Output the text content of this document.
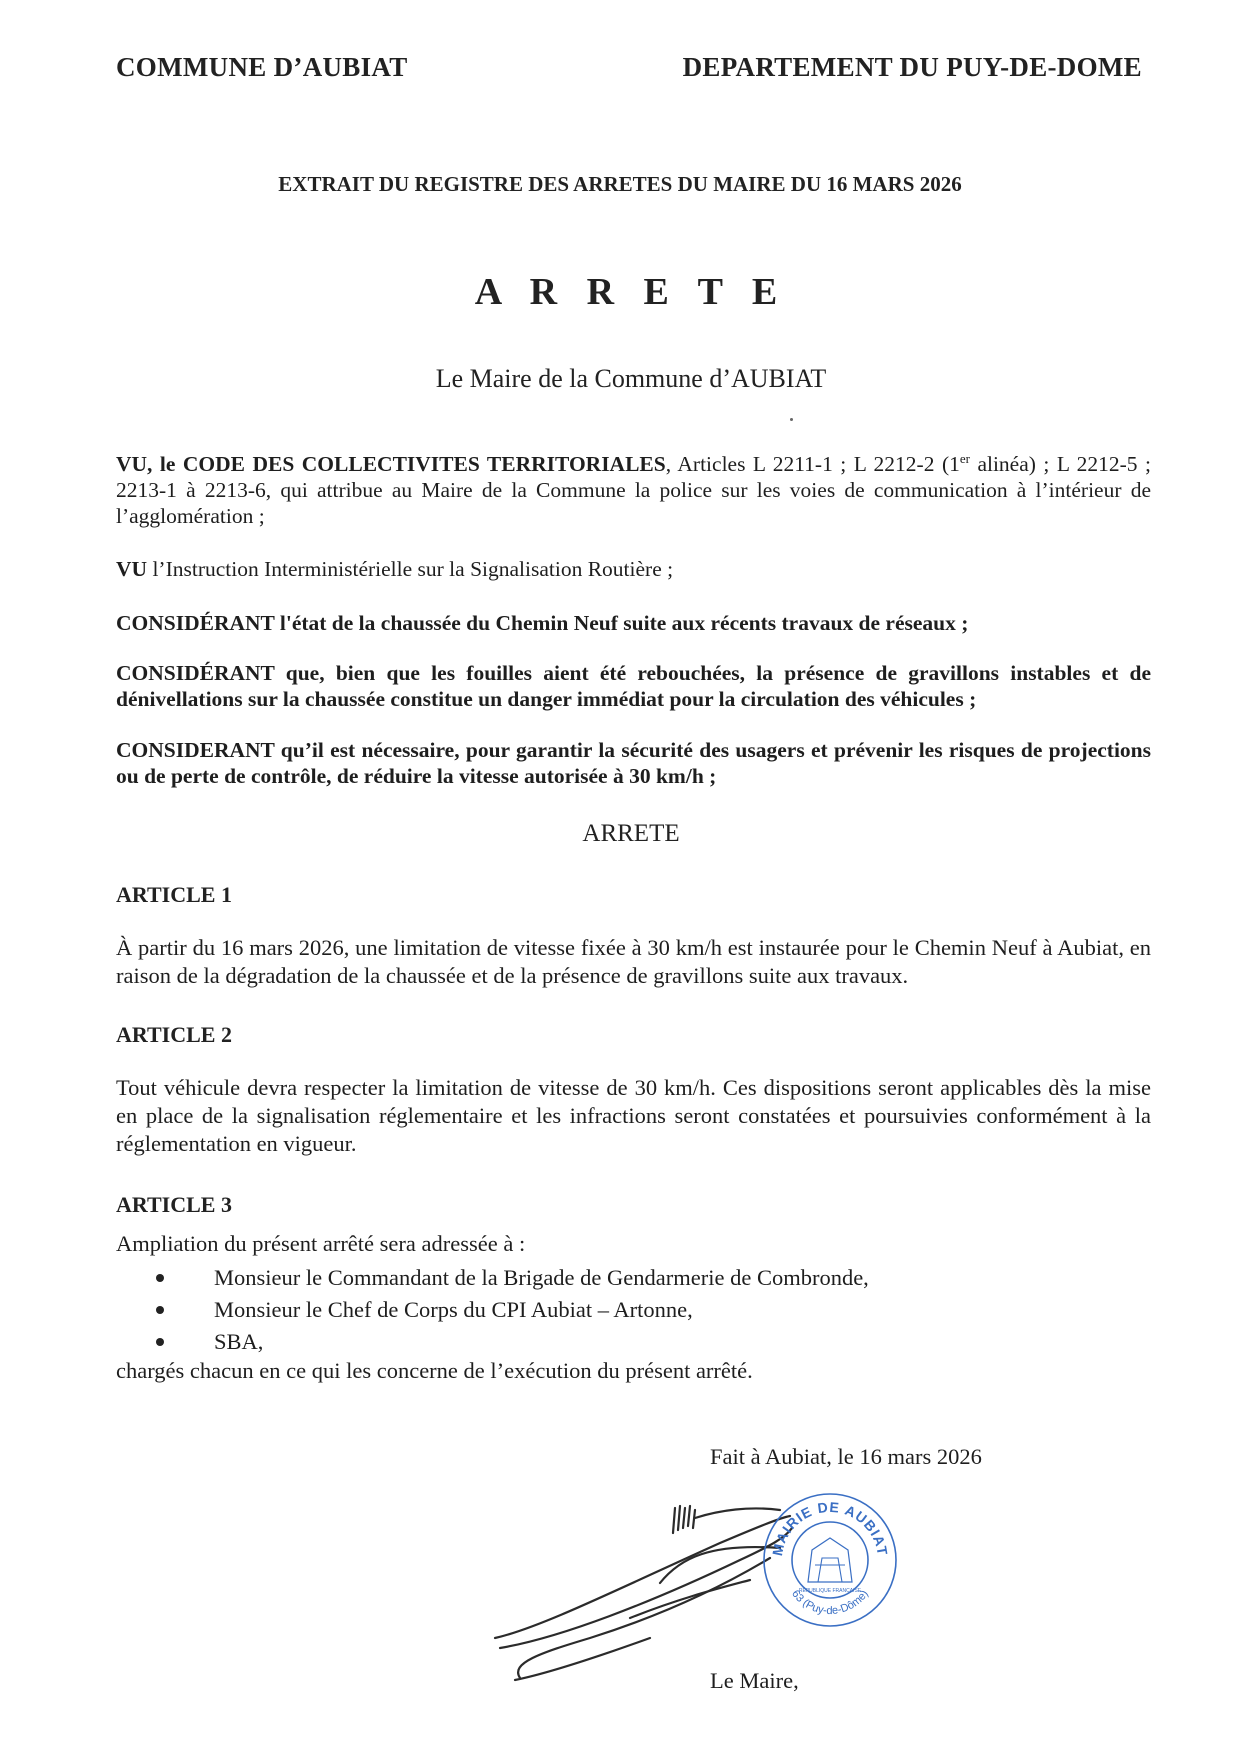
COMMUNE D’AUBIAT	DEPARTEMENT DU PUY-DE-DOME
EXTRAIT DU REGISTRE DES ARRETES DU MAIRE DU 16 MARS 2026
A R R E T E
Le Maire de la Commune d’AUBIAT
VU, le CODE DES COLLECTIVITES TERRITORIALES, Articles L 2211-1 ; L 2212-2 (1er alinéa) ; L 2212-5 ; 2213-1 à 2213-6, qui attribue au Maire de la Commune la police sur les voies de communication à l’intérieur de l’agglomération ;
VU l’Instruction Interministérielle sur la Signalisation Routière ;
CONSIDÉRANT l'état de la chaussée du Chemin Neuf suite aux récents travaux de réseaux ;
CONSIDÉRANT que, bien que les fouilles aient été rebouchées, la présence de gravillons instables et de dénivellations sur la chaussée constitue un danger immédiat pour la circulation des véhicules ;
CONSIDERANT qu’il est nécessaire, pour garantir la sécurité des usagers et prévenir les risques de projections ou de perte de contrôle, de réduire la vitesse autorisée à 30 km/h ;
ARRETE
ARTICLE 1
À partir du 16 mars 2026, une limitation de vitesse fixée à 30 km/h est instaurée pour le Chemin Neuf à Aubiat, en raison de la dégradation de la chaussée et de la présence de gravillons suite aux travaux.
ARTICLE 2
Tout véhicule devra respecter la limitation de vitesse de 30 km/h. Ces dispositions seront applicables dès la mise en place de la signalisation réglementaire et les infractions seront constatées et poursuivies conformément à la réglementation en vigueur.
ARTICLE 3
Ampliation du présent arrêté sera adressée à :
Monsieur le Commandant de la Brigade de Gendarmerie de Combronde,
Monsieur le Chef de Corps du CPI Aubiat – Artonne,
SBA,
chargés chacun en ce qui les concerne de l’exécution du présent arrêté.
Fait à Aubiat, le 16 mars 2026
MAIRIE DE AUBIAT
63 (Puy-de-Dôme)
RÉPUBLIQUE FRANÇAISE
Le Maire,
